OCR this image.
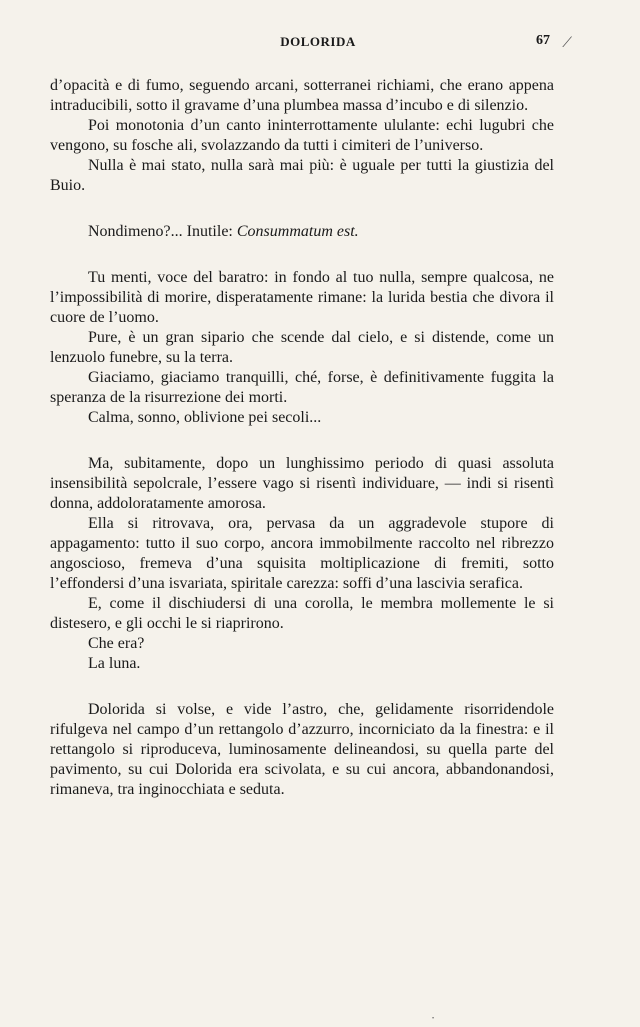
DOLORIDA	67 ⟋

d’opacità e di fumo, seguendo arcani, sotterranei richiami, che erano appena intraducibili, sotto il gravame d’una plumbea massa d’incubo e di silenzio.

Poi monotonia d’un canto ininterrottamente ululante: echi lugubri che vengono, su fosche ali, svolazzando da tutti i cimiteri de l’universo.

Nulla è mai stato, nulla sarà mai più: è uguale per tutti la giustizia del Buio.

Nondimeno?... Inutile: Consummatum est.

Tu menti, voce del baratro: in fondo al tuo nulla, sempre qualcosa, ne l’impossibilità di morire, disperatamente rimane: la lurida bestia che divora il cuore de l’uomo.

Pure, è un gran sipario che scende dal cielo, e si distende, come un lenzuolo funebre, su la terra.

Giaciamo, giaciamo tranquilli, ché, forse, è definitivamente fuggita la speranza de la risurrezione dei morti.

Calma, sonno, oblivione pei secoli...

Ma, subitamente, dopo un lunghissimo periodo di quasi assoluta insensibilità sepolcrale, l’essere vago si risentì individuare, — indi si risentì donna, addoloratamente amorosa.

Ella si ritrovava, ora, pervasa da un aggradevole stupore di appagamento: tutto il suo corpo, ancora immobilmente raccolto nel ribrezzo angoscioso, fremeva d’una squisita moltiplicazione di fremiti, sotto l’effondersi d’una isvariata, spiritale carezza: soffi d’una lascivia serafica.

E, come il dischiudersi di una corolla, le membra mollemente le si distesero, e gli occhi le si riaprirono.

Che era?

La luna.

Dolorida si volse, e vide l’astro, che, gelidamente risorridendole rifulgeva nel campo d’un rettangolo d’azzurro, incorniciato da la finestra: e il rettangolo si riproduceva, luminosamente delineandosi, su quella parte del pavimento, su cui Dolorida era scivolata, e su cui ancora, abbandonandosi, rimaneva, tra inginocchiata e seduta.

•
